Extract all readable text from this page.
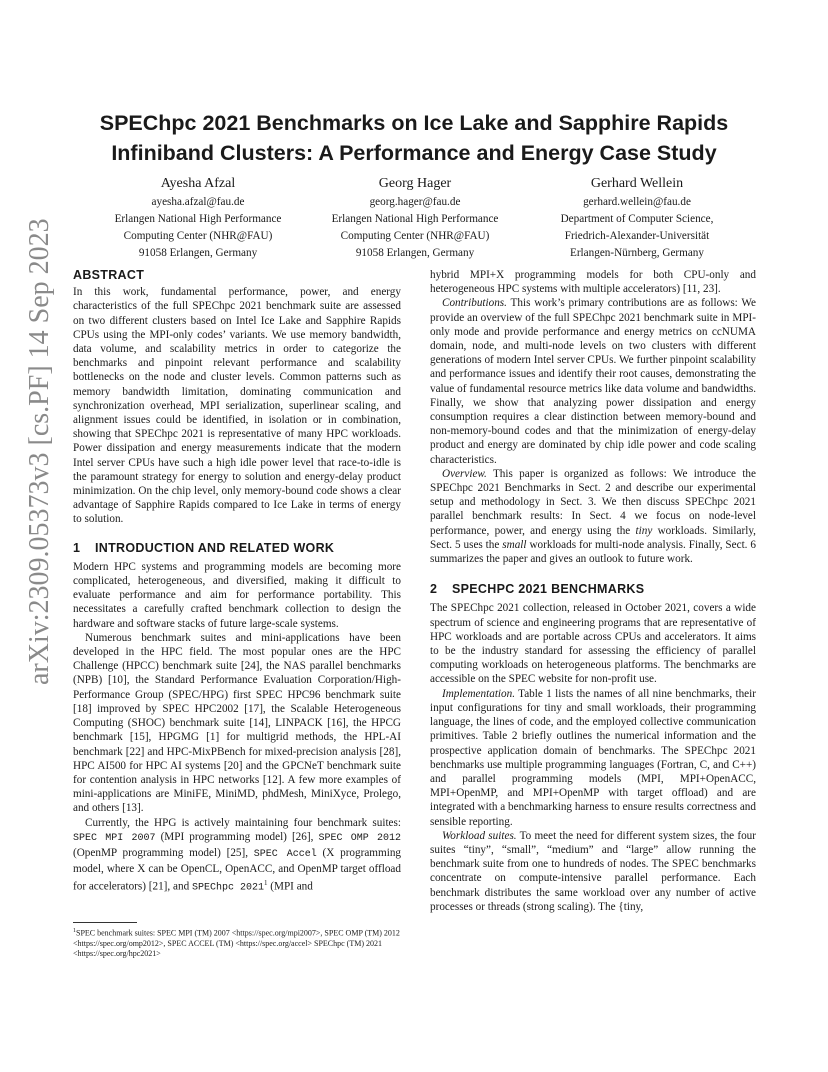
SPEChpc 2021 Benchmarks on Ice Lake and Sapphire Rapids
Infiniband Clusters: A Performance and Energy Case Study
Ayesha Afzal
ayesha.afzal@fau.de
Erlangen National High Performance
Computing Center (NHR@FAU)
91058 Erlangen, Germany
Georg Hager
georg.hager@fau.de
Erlangen National High Performance
Computing Center (NHR@FAU)
91058 Erlangen, Germany
Gerhard Wellein
gerhard.wellein@fau.de
Department of Computer Science,
Friedrich-Alexander-Universität
Erlangen-Nürnberg, Germany
arXiv:2309.05373v3 [cs.PF] 14 Sep 2023 ABSTRACT

In this work, fundamental performance, power, and energy characteristics of the full SPEChpc 2021 benchmark suite are assessed on two different clusters based on Intel Ice Lake and Sapphire Rapids CPUs using the MPI-only codes’ variants. We use memory bandwidth, data volume, and scalability metrics in order to categorize the benchmarks and pinpoint relevant performance and scalability bottlenecks on the node and cluster levels. Common patterns such as memory bandwidth limitation, dominating communication and synchronization overhead, MPI serialization, superlinear scaling, and alignment issues could be identified, in isolation or in combination, showing that SPEChpc 2021 is representative of many HPC workloads. Power dissipation and energy measurements indicate that the modern Intel server CPUs have such a high idle power level that race-to-idle is the paramount strategy for energy to solution and energy-delay product minimization. On the chip level, only memory-bound code shows a clear advantage of Sapphire Rapids compared to Ice Lake in terms of energy to solution.

1 INTRODUCTION AND RELATED WORK

Modern HPC systems and programming models are becoming more complicated, heterogeneous, and diversified, making it difficult to evaluate performance and aim for performance portability. This necessitates a carefully crafted benchmark collection to design the hardware and software stacks of future large-scale systems.

Numerous benchmark suites and mini-applications have been developed in the HPC field. The most popular ones are the HPC Challenge (HPCC) benchmark suite [24], the NAS parallel benchmarks (NPB) [10], the Standard Performance Evaluation Corporation/High-Performance Group (SPEC/HPG) first SPEC HPC96 benchmark suite [18] improved by SPEC HPC2002 [17], the Scalable Heterogeneous Computing (SHOC) benchmark suite [14], LINPACK [16], the HPCG benchmark [15], HPGMG [1] for multigrid methods, the HPL-AI benchmark [22] and HPC-MixPBench for mixed-precision analysis [28], HPC AI500 for HPC AI systems [20] and the GPCNeT benchmark suite for contention analysis in HPC networks [12]. A few more examples of mini-applications are MiniFE, MiniMD, phdMesh, MiniXyce, Prolego, and others [13].

Currently, the HPG is actively maintaining four benchmark suites: SPEC MPI 2007 (MPI programming model) [26], SPEC OMP 2012 (OpenMP programming model) [25], SPEC Accel (X programming model, where X can be OpenCL, OpenACC, and OpenMP target offload for accelerators) [21], and SPEChpc 2021$^1$ (MPI and

$^1$SPEC benchmark suites: SPEC MPI (TM) 2007 <https://spec.org/mpi2007>, SPEC OMP (TM) 2012 <https://spec.org/omp2012>, SPEC ACCEL (TM) <https://spec.org/accel> SPEChpc (TM) 2021 <https://spec.org/hpc2021>

hybrid MPI+X programming models for both CPU-only and heterogeneous HPC systems with multiple accelerators) [11, 23].

Contributions. This work’s primary contributions are as follows: We provide an overview of the full SPEChpc 2021 benchmark suite in MPI-only mode and provide performance and energy metrics on ccNUMA domain, node, and multi-node levels on two clusters with different generations of modern Intel server CPUs. We further pinpoint scalability and performance issues and identify their root causes, demonstrating the value of fundamental resource metrics like data volume and bandwidths. Finally, we show that analyzing power dissipation and energy consumption requires a clear distinction between memory-bound and non-memory-bound codes and that the minimization of energy-delay product and energy are dominated by chip idle power and code scaling characteristics.

Overview. This paper is organized as follows: We introduce the SPEChpc 2021 Benchmarks in Sect. 2 and describe our experimental setup and methodology in Sect. 3. We then discuss SPEChpc 2021 parallel benchmark results: In Sect. 4 we focus on node-level performance, power, and energy using the tiny workloads. Similarly, Sect. 5 uses the small workloads for multi-node analysis. Finally, Sect. 6 summarizes the paper and gives an outlook to future work.

2 SPECHPC 2021 BENCHMARKS

The SPEChpc 2021 collection, released in October 2021, covers a wide spectrum of science and engineering programs that are representative of HPC workloads and are portable across CPUs and accelerators. It aims to be the industry standard for assessing the efficiency of parallel computing workloads on heterogeneous platforms. The benchmarks are accessible on the SPEC website for non-profit use.

Implementation. Table 1 lists the names of all nine benchmarks, their input configurations for tiny and small workloads, their programming language, the lines of code, and the employed collective communication primitives. Table 2 briefly outlines the numerical information and the prospective application domain of benchmarks. The SPEChpc 2021 benchmarks use multiple programming languages (Fortran, C, and C++) and parallel programming models (MPI, MPI+OpenACC, MPI+OpenMP, and MPI+OpenMP with target offload) and are integrated with a benchmarking harness to ensure results correctness and sensible reporting.

Workload suites. To meet the need for different system sizes, the four suites “tiny”, “small”, “medium” and “large” allow running the benchmark suite from one to hundreds of nodes. The SPEC benchmarks concentrate on compute-intensive parallel performance. Each benchmark distributes the same workload over any number of active processes or threads (strong scaling). The {tiny,
